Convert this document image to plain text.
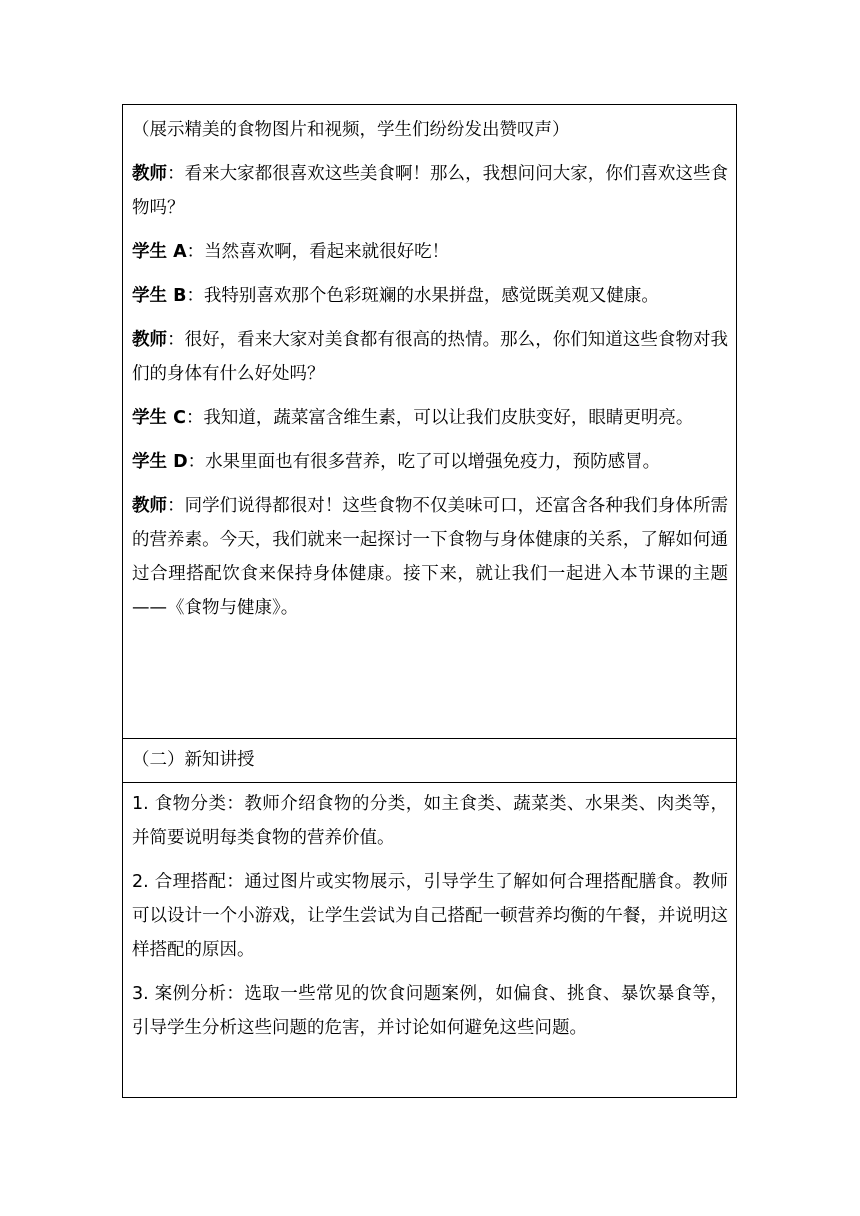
（展示精美的食物图片和视频，学生们纷纷发出赞叹声）

教师：看来大家都很喜欢这些美食啊！那么，我想问问大家，你们喜欢这些食物吗？

学生 A：当然喜欢啊，看起来就很好吃！

学生 B：我特别喜欢那个色彩斑斓的水果拼盘，感觉既美观又健康。

教师：很好，看来大家对美食都有很高的热情。那么，你们知道这些食物对我们的身体有什么好处吗？

学生 C：我知道，蔬菜富含维生素，可以让我们皮肤变好，眼睛更明亮。

学生 D：水果里面也有很多营养，吃了可以增强免疫力，预防感冒。

教师：同学们说得都很对！这些食物不仅美味可口，还富含各种我们身体所需的营养素。今天，我们就来一起探讨一下食物与身体健康的关系，了解如何通过合理搭配饮食来保持身体健康。接下来，就让我们一起进入本节课的主题——《食物与健康》。

（二）新知讲授

1. 食物分类：教师介绍食物的分类，如主食类、蔬菜类、水果类、肉类等，并简要说明每类食物的营养价值。

2. 合理搭配：通过图片或实物展示，引导学生了解如何合理搭配膳食。教师可以设计一个小游戏，让学生尝试为自己搭配一顿营养均衡的午餐，并说明这样搭配的原因。

3. 案例分析：选取一些常见的饮食问题案例，如偏食、挑食、暴饮暴食等，引导学生分析这些问题的危害，并讨论如何避免这些问题。
